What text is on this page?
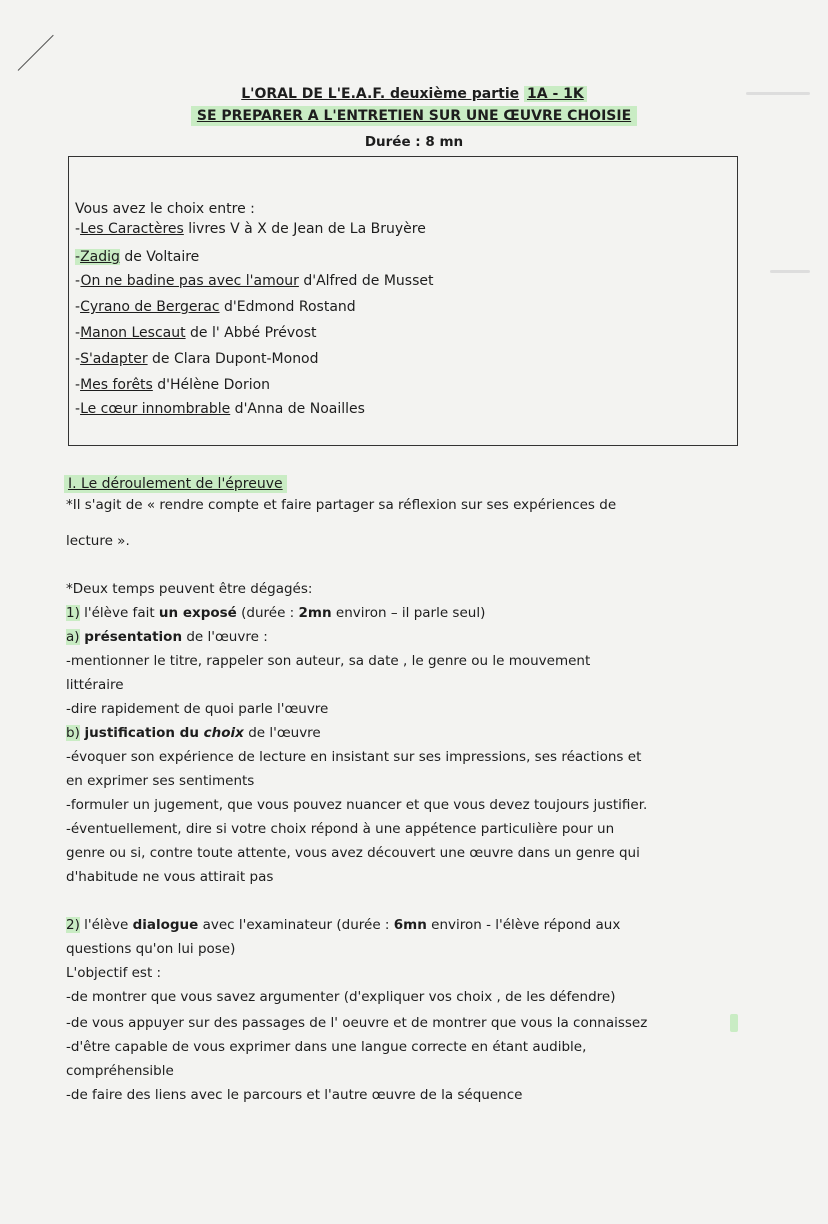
L'ORAL DE L'E.A.F. deuxième partie 1A - 1K
SE PREPARER A L'ENTRETIEN SUR UNE ŒUVRE CHOISIE
Durée : 8 mn
Vous avez le choix entre :
-Les Caractères livres V à X de Jean de La Bruyère
-Zadig de Voltaire
-On ne badine pas avec l'amour d'Alfred de Musset
-Cyrano de Bergerac d'Edmond Rostand
-Manon Lescaut de l' Abbé Prévost
-S'adapter de Clara Dupont-Monod
-Mes forêts d'Hélène Dorion
-Le cœur innombrable d'Anna de Noailles
I. Le déroulement de l'épreuve
*Il s'agit de « rendre compte et faire partager sa réflexion sur ses expériences de
lecture ».
*Deux temps peuvent être dégagés:
1) l'élève fait un exposé (durée : 2mn environ – il parle seul)
a) présentation de l'œuvre :
-mentionner le titre, rappeler son auteur, sa date , le genre ou le mouvement
littéraire
-dire rapidement de quoi parle l'œuvre
b) justification du choix de l'œuvre
-évoquer son expérience de lecture en insistant sur ses impressions, ses réactions et
en exprimer ses sentiments
-formuler un jugement, que vous pouvez nuancer et que vous devez toujours justifier.
-éventuellement, dire si votre choix répond à une appétence particulière pour un
genre ou si, contre toute attente, vous avez découvert une œuvre dans un genre qui
d'habitude ne vous attirait pas
2) l'élève dialogue avec l'examinateur (durée : 6mn environ - l'élève répond aux
questions qu'on lui pose)
L'objectif est :
-de montrer que vous savez argumenter (d'expliquer vos choix , de les défendre)
-de vous appuyer sur des passages de l' oeuvre et de montrer que vous la connaissez
-d'être capable de vous exprimer dans une langue correcte en étant audible,
compréhensible
-de faire des liens avec le parcours et l'autre œuvre de la séquence
